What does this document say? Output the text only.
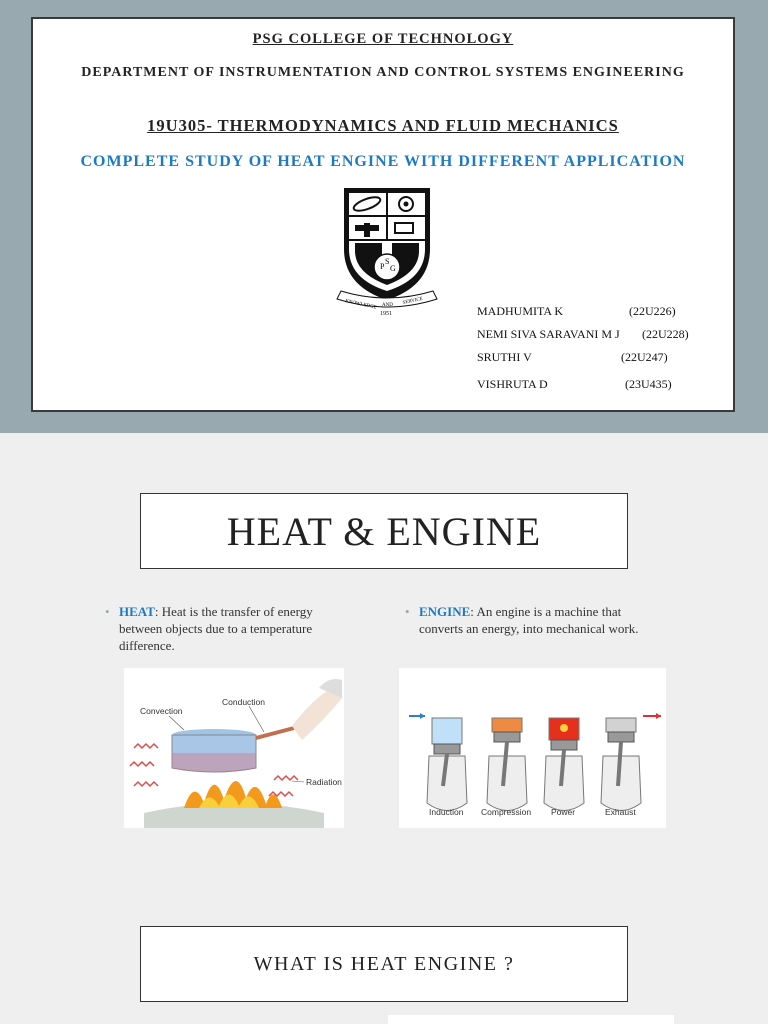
PSG COLLEGE OF TECHNOLOGY
DEPARTMENT OF INSTRUMENTATION AND CONTROL SYSTEMS ENGINEERING
19U305- THERMODYNAMICS AND FLUID MECHANICS
COMPLETE STUDY OF HEAT ENGINE WITH DIFFERENT APPLICATION
P
S
G
KNOWLEDGE AND SERVICE
1951	MADHUMITA K	(22U226)
NEMI SIVA SARAVANI M J (22U228)
SRUTHI V	(22U247)
VISHRUTA D	(23U435)
HEAT & ENGINE
• HEAT: Heat is the transfer of energy between objects due to a temperature difference.
• ENGINE: An engine is a machine that converts an energy, into mechanical work.
Convection
Conduction
Radiation
Induction Compression Power	Exhaust
WHAT IS HEAT ENGINE ?
